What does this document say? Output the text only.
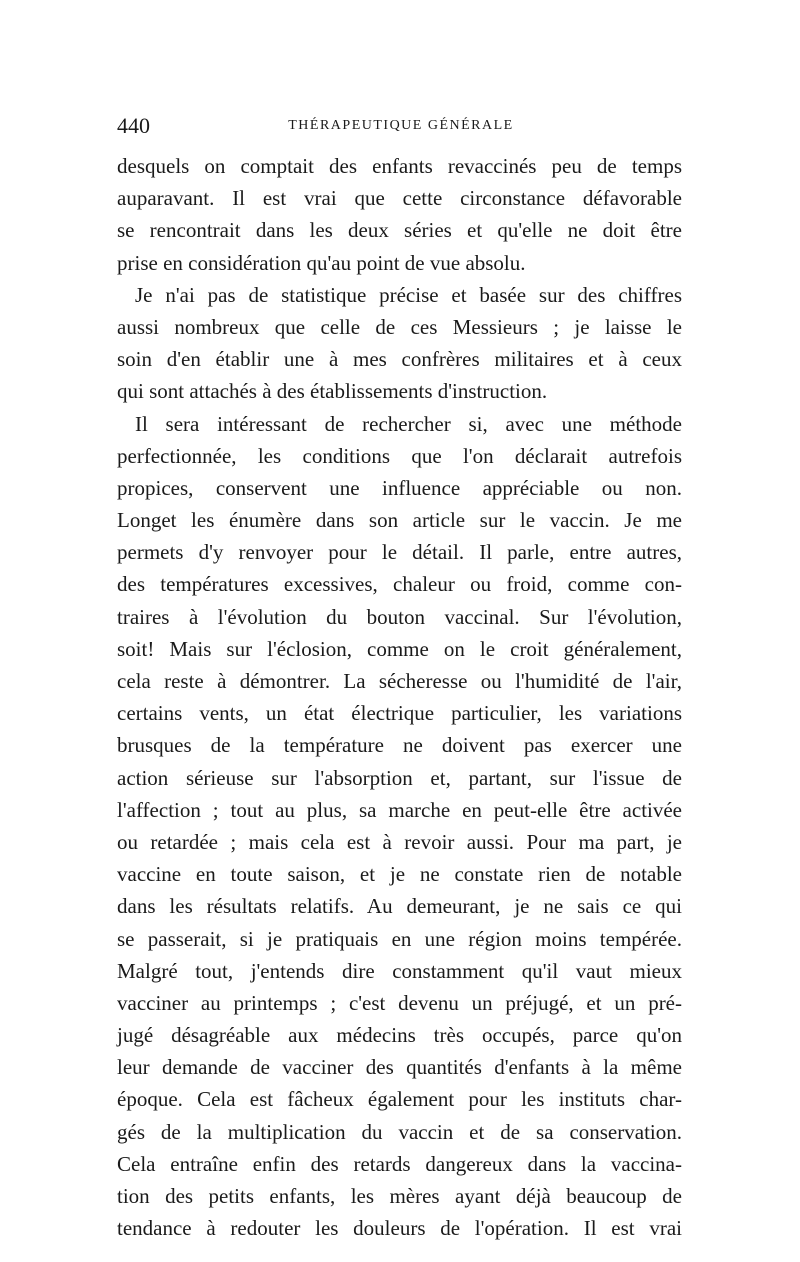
440	THÉRAPEUTIQUE GÉNÉRALE
desquels on comptait des enfants revaccinés peu de temps
auparavant. Il est vrai que cette circonstance défavorable
se rencontrait dans les deux séries et qu'elle ne doit être
prise en considération qu'au point de vue absolu.
Je n'ai pas de statistique précise et basée sur des chiffres
aussi nombreux que celle de ces Messieurs ; je laisse le
soin d'en établir une à mes confrères militaires et à ceux
qui sont attachés à des établissements d'instruction.
Il sera intéressant de rechercher si, avec une méthode
perfectionnée, les conditions que l'on déclarait autrefois
propices, conservent une influence appréciable ou non.
Longet les énumère dans son article sur le vaccin. Je me
permets d'y renvoyer pour le détail. Il parle, entre autres,
des températures excessives, chaleur ou froid, comme con-
traires à l'évolution du bouton vaccinal. Sur l'évolution,
soit! Mais sur l'éclosion, comme on le croit généralement,
cela reste à démontrer. La sécheresse ou l'humidité de l'air,
certains vents, un état électrique particulier, les variations
brusques de la température ne doivent pas exercer une
action sérieuse sur l'absorption et, partant, sur l'issue de
l'affection ; tout au plus, sa marche en peut-elle être activée
ou retardée ; mais cela est à revoir aussi. Pour ma part, je
vaccine en toute saison, et je ne constate rien de notable
dans les résultats relatifs. Au demeurant, je ne sais ce qui
se passerait, si je pratiquais en une région moins tempérée.
Malgré tout, j'entends dire constamment qu'il vaut mieux
vacciner au printemps ; c'est devenu un préjugé, et un pré-
jugé désagréable aux médecins très occupés, parce qu'on
leur demande de vacciner des quantités d'enfants à la même
époque. Cela est fâcheux également pour les instituts char-
gés de la multiplication du vaccin et de sa conservation.
Cela entraîne enfin des retards dangereux dans la vaccina-
tion des petits enfants, les mères ayant déjà beaucoup de
tendance à redouter les douleurs de l'opération. Il est vrai
